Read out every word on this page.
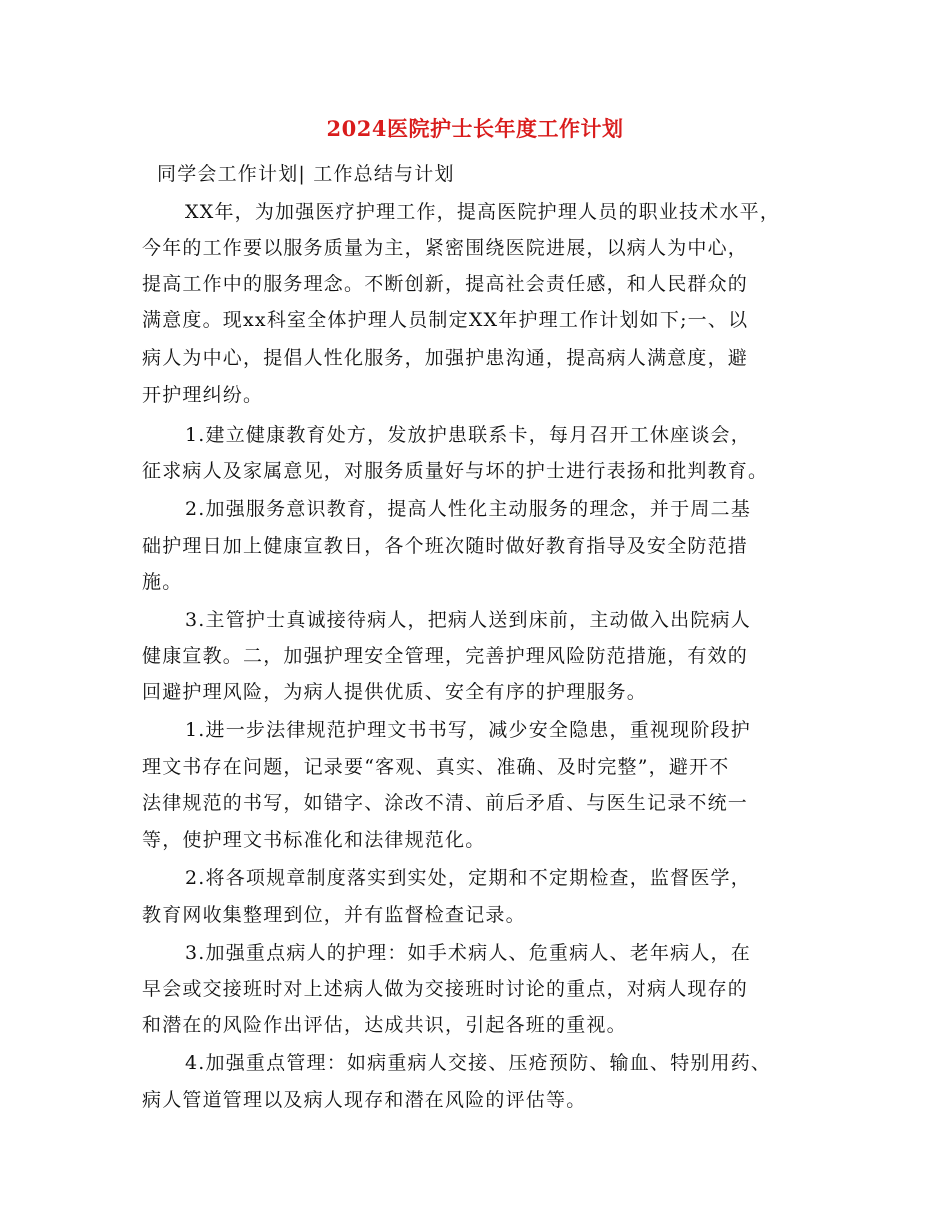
2024医院护士长年度工作计划
同学会工作计划| 工作总结与计划
XX年，为加强医疗护理工作，提高医院护理人员的职业技术水平，
今年的工作要以服务质量为主，紧密围绕医院进展，以病人为中心，
提高工作中的服务理念。不断创新，提高社会责任感，和人民群众的
满意度。现xx科室全体护理人员制定XX年护理工作计划如下;一、以
病人为中心，提倡人性化服务，加强护患沟通，提高病人满意度，避
开护理纠纷。
1.建立健康教育处方，发放护患联系卡，每月召开工休座谈会，
征求病人及家属意见，对服务质量好与坏的护士进行表扬和批判教育。
2.加强服务意识教育，提高人性化主动服务的理念，并于周二基
础护理日加上健康宣教日，各个班次随时做好教育指导及安全防范措
施。
3.主管护士真诚接待病人，把病人送到床前，主动做入出院病人
健康宣教。二，加强护理安全管理，完善护理风险防范措施，有效的
回避护理风险，为病人提供优质、安全有序的护理服务。
1.进一步法律规范护理文书书写，减少安全隐患，重视现阶段护
理文书存在问题，记录要“客观、真实、准确、及时完整”，避开不
法律规范的书写，如错字、涂改不清、前后矛盾、与医生记录不统一
等，使护理文书标准化和法律规范化。
2.将各项规章制度落实到实处，定期和不定期检查，监督医学，
教育网收集整理到位，并有监督检查记录。
3.加强重点病人的护理：如手术病人、危重病人、老年病人，在
早会或交接班时对上述病人做为交接班时讨论的重点，对病人现存的
和潜在的风险作出评估，达成共识，引起各班的重视。
4.加强重点管理：如病重病人交接、压疮预防、输血、特别用药、
病人管道管理以及病人现存和潜在风险的评估等。
